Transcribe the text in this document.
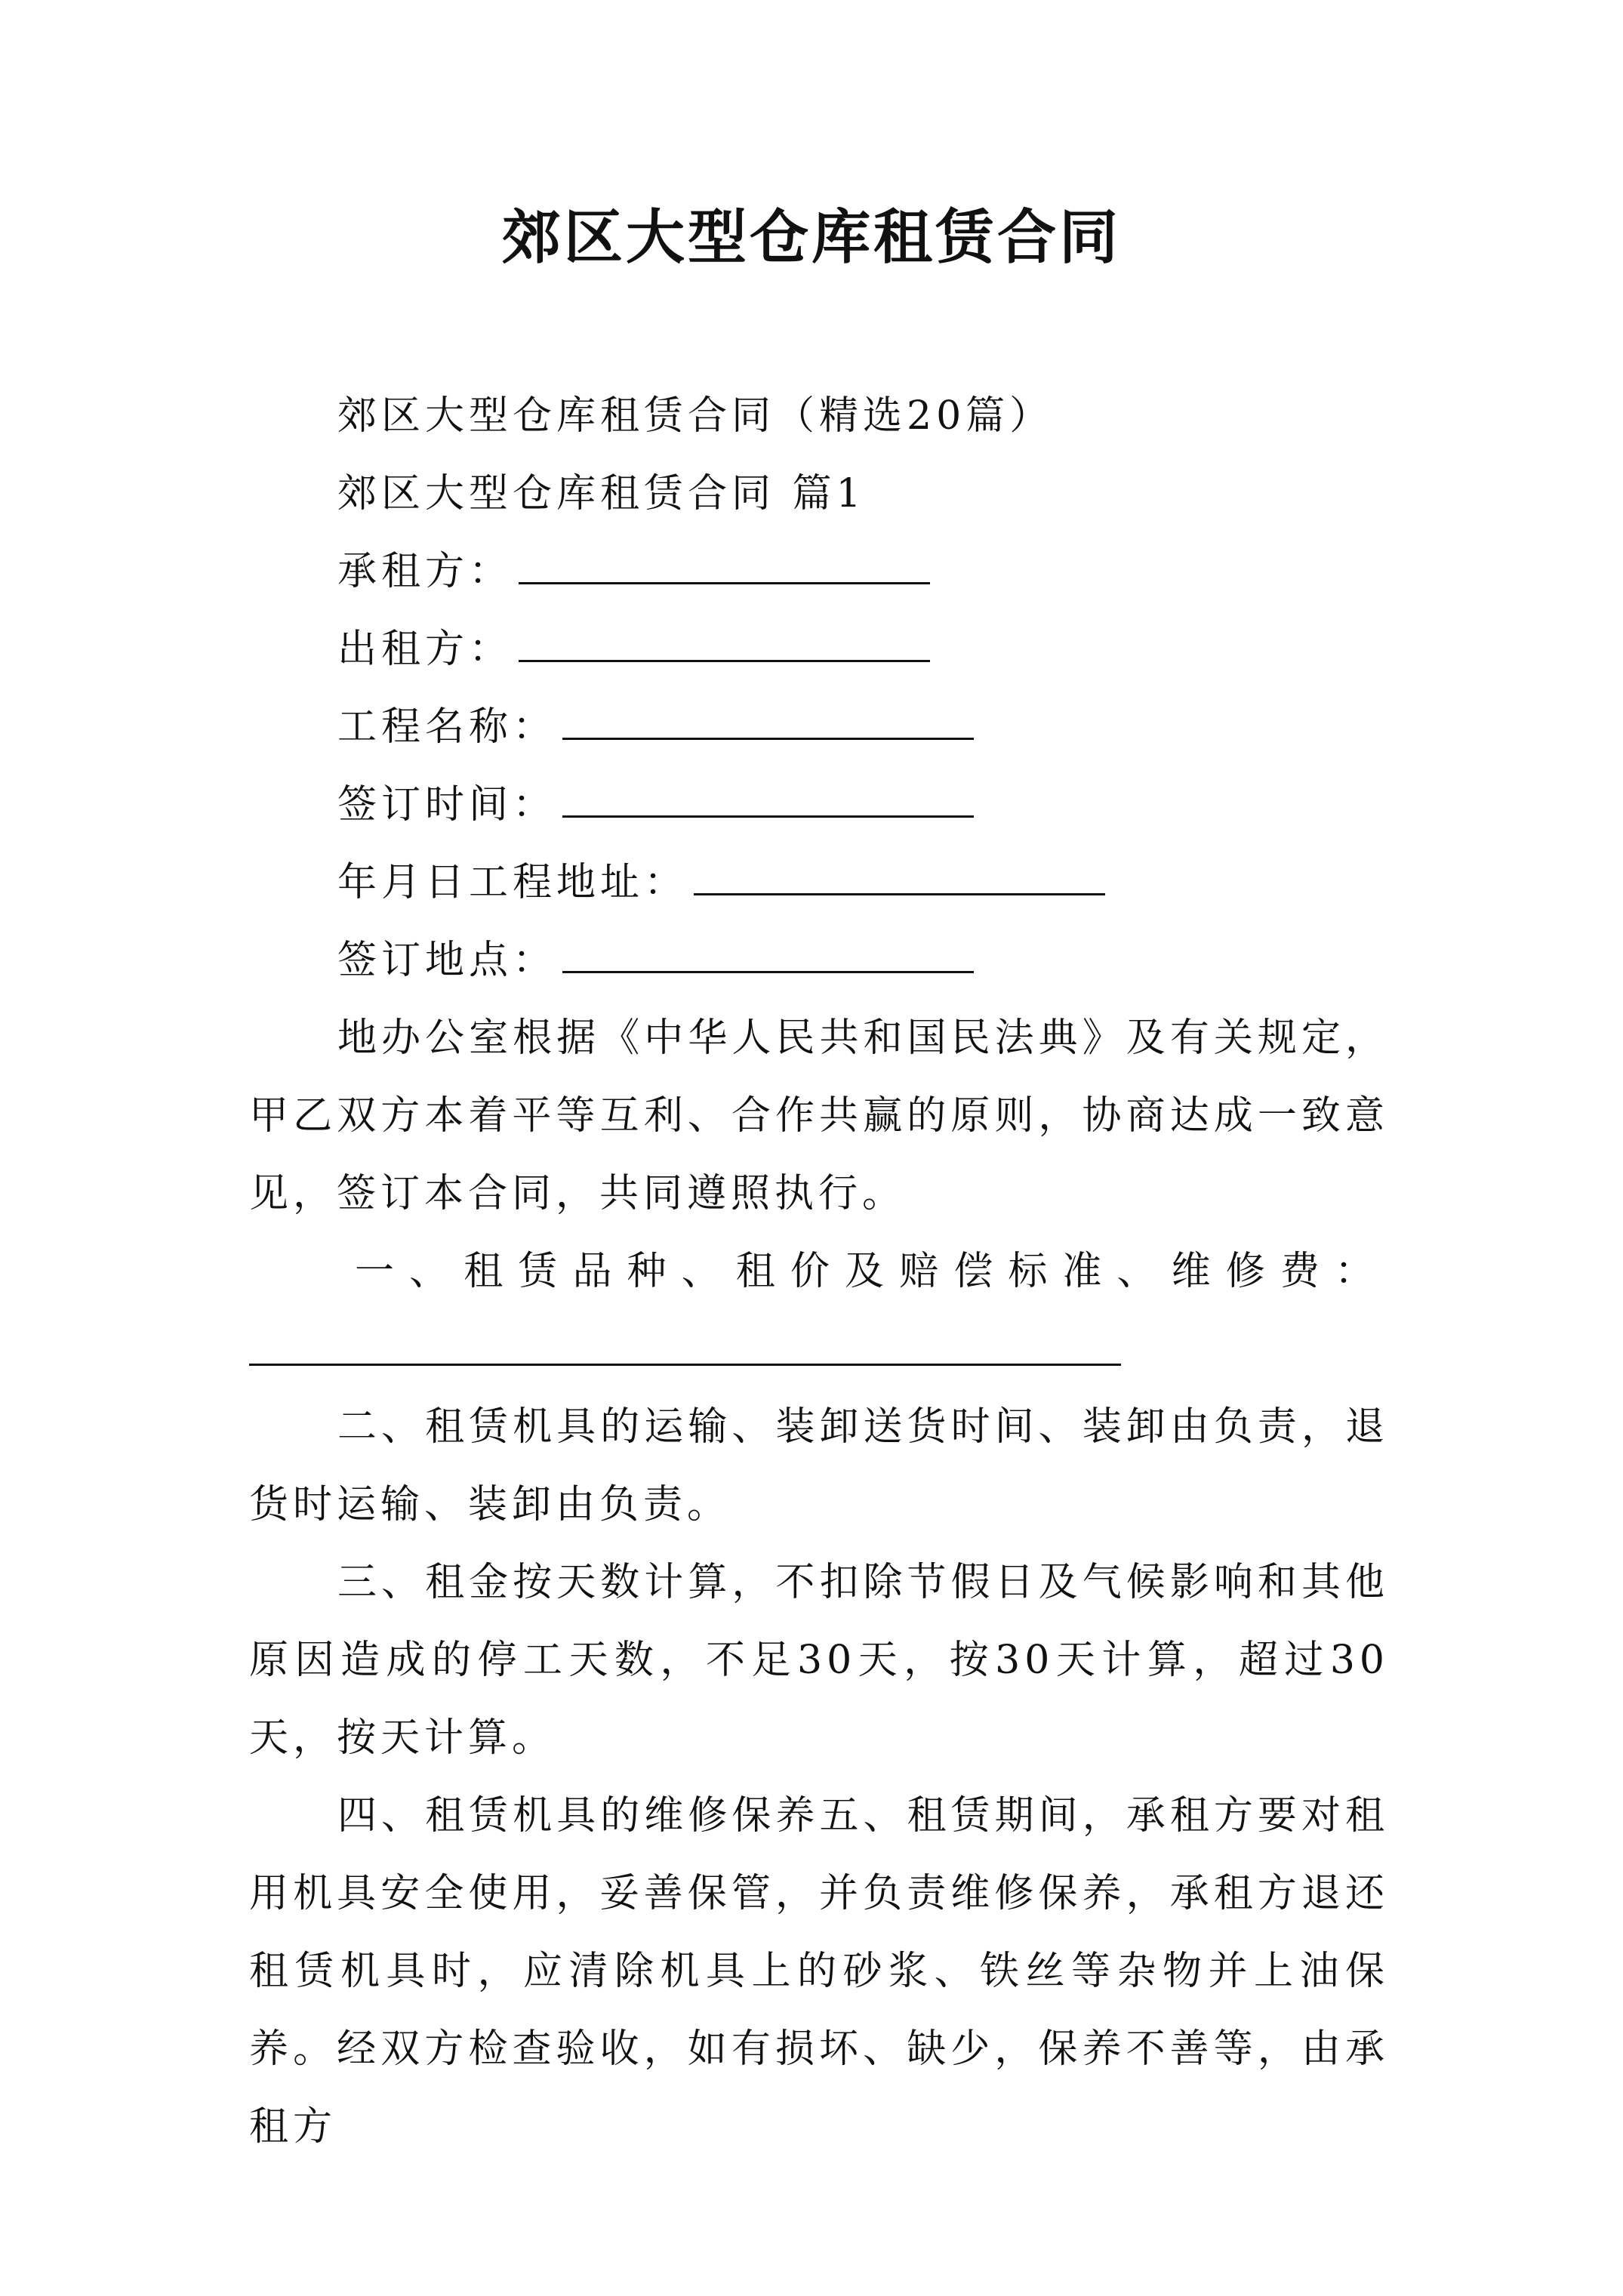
郊区大型仓库租赁合同

郊区大型仓库租赁合同（精选20篇）

郊区大型仓库租赁合同 篇1

承租方：

出租方：

工程名称：

签订时间：

年月日工程地址：

签订地点：

地办公室根据《中华人民共和国民法典》及有关规定，甲乙双方本着平等互利、合作共赢的原则，协商达成一致意见，签订本合同，共同遵照执行。

一、租赁品种、租价及赔偿标准、维修费：

二、租赁机具的运输、装卸送货时间、装卸由负责，退货时运输、装卸由负责。

三、租金按天数计算，不扣除节假日及气候影响和其他原因造成的停工天数，不足30天，按30天计算，超过30天，按天计算。

四、租赁机具的维修保养五、租赁期间，承租方要对租用机具安全使用，妥善保管，并负责维修保养，承租方退还租赁机具时，应清除机具上的砂浆、铁丝等杂物并上油保养。经双方检查验收，如有损坏、缺少，保养不善等，由承租方
